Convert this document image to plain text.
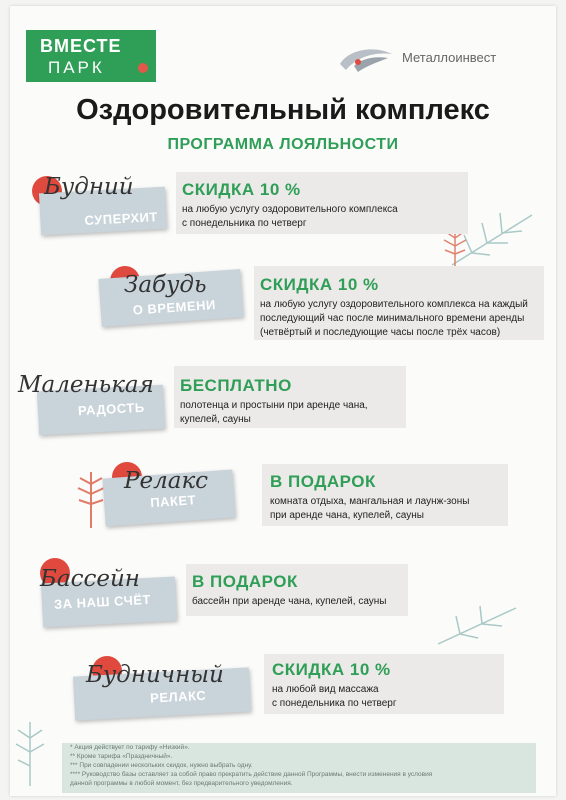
ВМЕСТЕ
ПАРК
Металлоинвест
Оздоровительный комплекс
ПРОГРАММА ЛОЯЛЬНОСТИ
СУПЕРХИТ
Будний	СКИДКА 10 %
на любую услугу оздоровительного комплекса
с понедельника по четверг
О ВРЕМЕНИ
Забудь	СКИДКА 10 %
на любую услугу оздоровительного комплекса на каждый
последующий час после минимального времени аренды
(четвёртый и последующие часы после трёх часов)
РАДОСТЬ
Маленькая БЕСПЛАТНО
полотенца и простыни при аренде чана,
купелей, сауны
ПАКЕТ
Релакс	В ПОДАРОК
комната отдыха, мангальная и лаунж-зоны
при аренде чана, купелей, сауны
ЗА НАШ СЧЁТ
Бассейн	В ПОДАРОК
бассейн при аренде чана, купелей, сауны
РЕЛАКС
Будничный	СКИДКА 10 %
на любой вид массажа
с понедельника по четверг
* Акция действует по тарифу «Низкий».
** Кроме тарифа «Праздничный».
*** При совпадении нескольких скидок, нужно выбрать одну.
**** Руководство базы оставляет за собой право прекратить действие данной Программы, внести изменения в условия
данной программы в любой момент, без предварительного уведомления.
